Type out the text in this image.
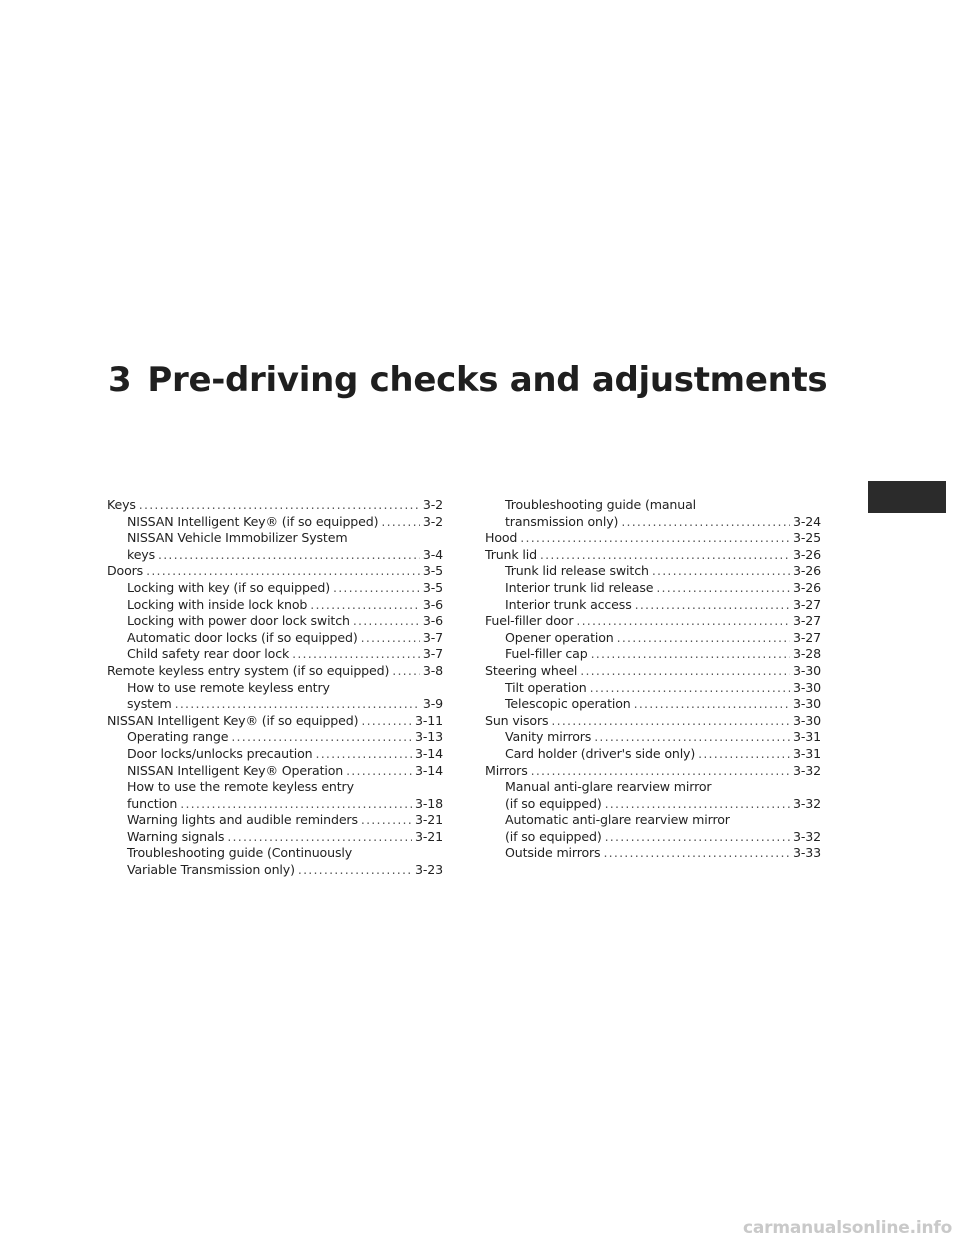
3 Pre-driving checks and adjustments
Keys . . .	3-2
NISSAN Intelligent Key® (if so equipped) . . .	3-2
NISSAN Vehicle Immobilizer System
keys . . .	3-4
Doors . . .	3-5
Locking with key (if so equipped) . . .	3-5
Locking with inside lock knob . . .	3-6
Locking with power door lock switch . . .	3-6
Automatic door locks (if so equipped) . . .	3-7
Child safety rear door lock . . .	3-7
Remote keyless entry system (if so equipped) . . .	3-8
How to use remote keyless entry
system . . .	3-9
NISSAN Intelligent Key® (if so equipped) . . .	3-11
Operating range . . .	3-13
Door locks/unlocks precaution . . .	3-14
NISSAN Intelligent Key® Operation . . .	3-14
How to use the remote keyless entry
function . . .	3-18
Warning lights and audible reminders . . .	3-21
Warning signals . . .	3-21
Troubleshooting guide (Continuously
Variable Transmission only) . . .	3-23
Troubleshooting guide (manual
transmission only) . . .	3-24
Hood . . .	3-25
Trunk lid . . .	3-26
Trunk lid release switch . . .	3-26
Interior trunk lid release . . .	3-26
Interior trunk access . . .	3-27
Fuel-filler door . . .	3-27
Opener operation . . .	3-27
Fuel-filler cap . . .	3-28
Steering wheel . . .	3-30
Tilt operation . . .	3-30
Telescopic operation . . .	3-30
Sun visors . . .	3-30
Vanity mirrors . . .	3-31
Card holder (driver's side only) . . .	3-31
Mirrors . . .	3-32
Manual anti-glare rearview mirror
(if so equipped) . . .	3-32
Automatic anti-glare rearview mirror
(if so equipped) . . .	3-32
Outside mirrors . . .	3-33
carmanualsonline.info
